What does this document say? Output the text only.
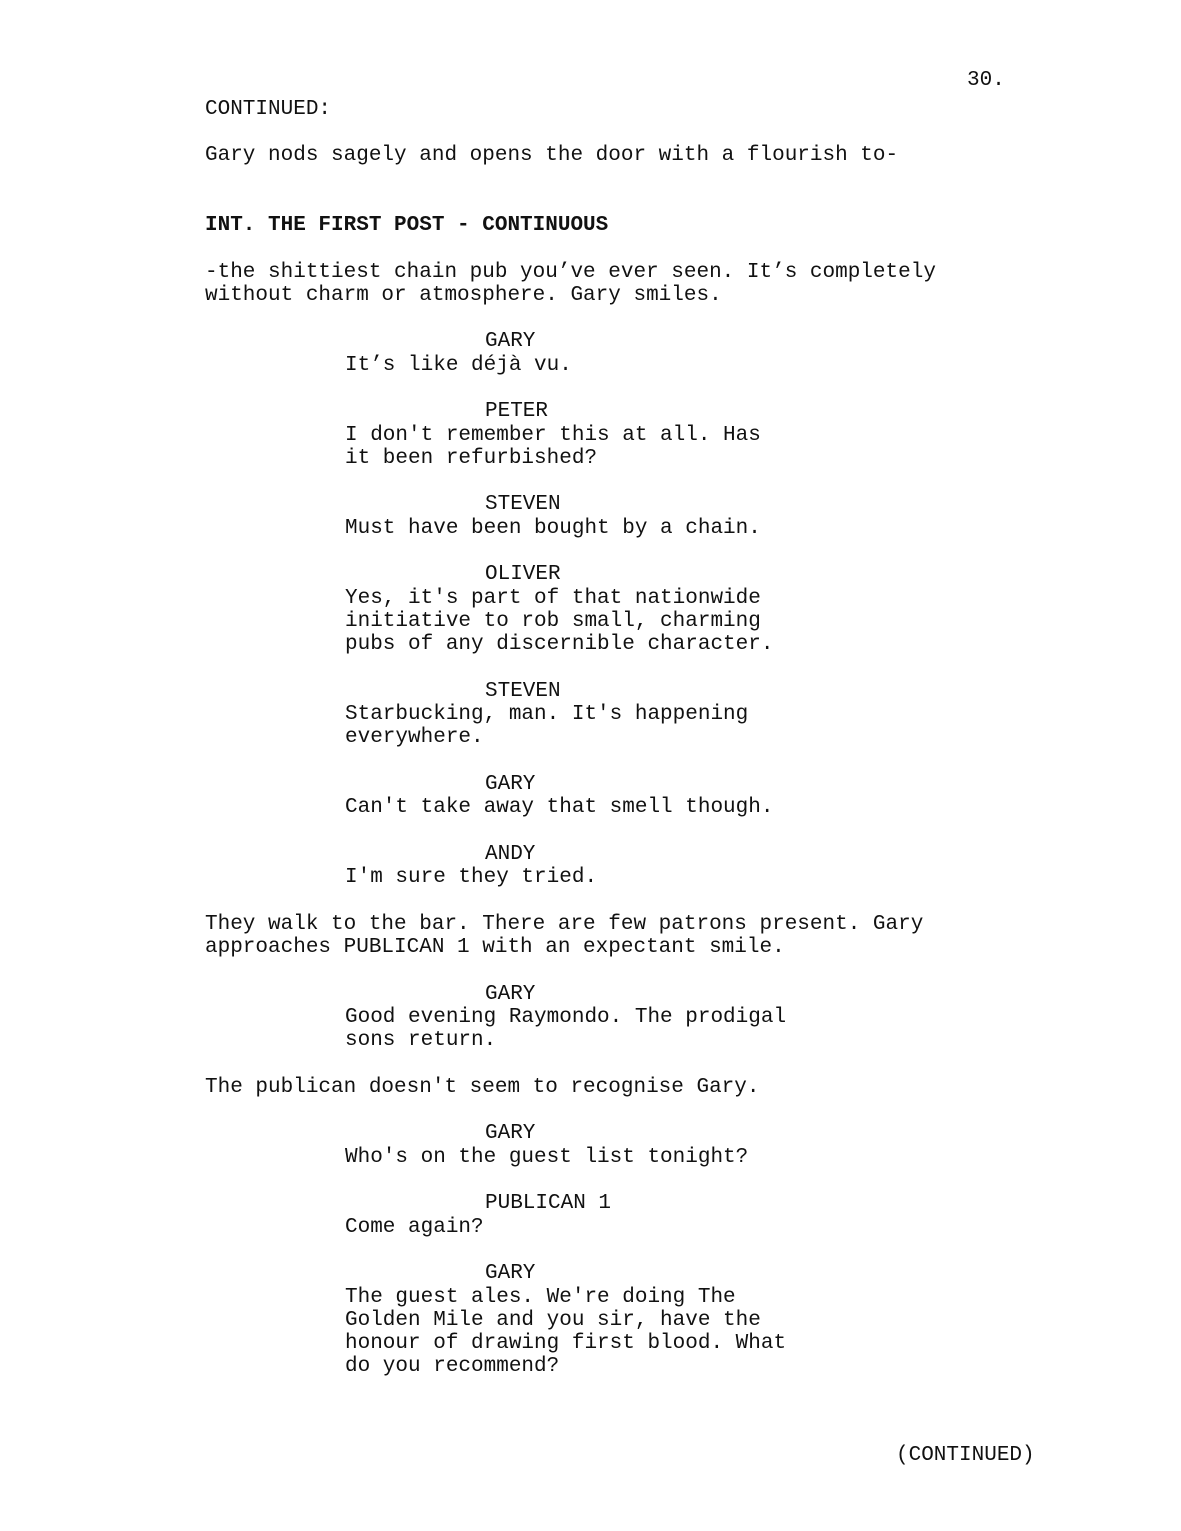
30.
CONTINUED:
Gary nods sagely and opens the door with a flourish to-
INT. THE FIRST POST - CONTINUOUS
-the shittiest chain pub you’ve ever seen. It’s completely
without charm or atmosphere. Gary smiles.
GARY
It’s like déjà vu.
PETER
I don't remember this at all. Has
it been refurbished?
STEVEN
Must have been bought by a chain.
OLIVER
Yes, it's part of that nationwide
initiative to rob small, charming
pubs of any discernible character.
STEVEN
Starbucking, man. It's happening
everywhere.
GARY
Can't take away that smell though.
ANDY
I'm sure they tried.
They walk to the bar. There are few patrons present. Gary
approaches PUBLICAN 1 with an expectant smile.
GARY
Good evening Raymondo. The prodigal
sons return.
The publican doesn't seem to recognise Gary.
GARY
Who's on the guest list tonight?
PUBLICAN 1
Come again?
GARY
The guest ales. We're doing The
Golden Mile and you sir, have the
honour of drawing first blood. What
do you recommend?
(CONTINUED)
